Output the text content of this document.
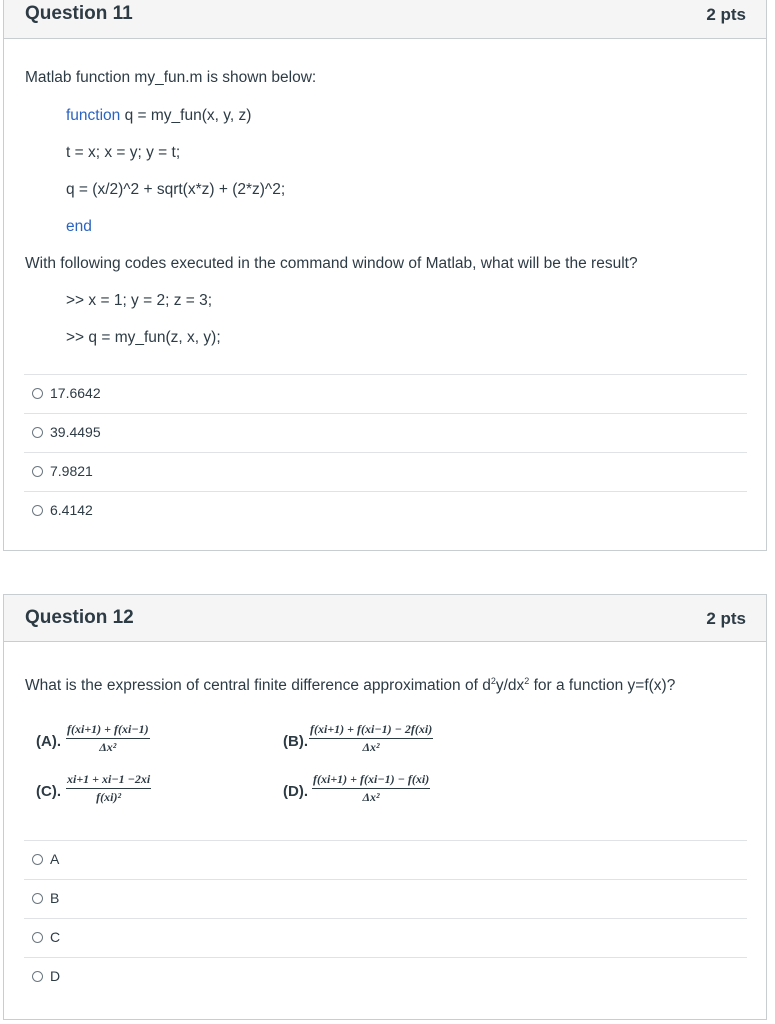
Question 11	2 pts
Matlab function my_fun.m is shown below:
function q = my_fun(x, y, z)
t = x; x = y; y = t;
q = (x/2)^2 + sqrt(x*z) + (2*z)^2;
end
With following codes executed in the command window of Matlab, what will be the result?
>> x = 1; y = 2; z = 3;
>> q = my_fun(z, x, y);
17.6642
39.4495
7.9821
6.4142
Question 12	2 pts
What is the expression of central finite difference approximation of $d^2y/dx^2$ for a function y=f(x)?
(A). $\frac{f(xi+1) + f(xi-1)}{\text{Δx²}}$	(B). $\frac{f(xi+1) + f(xi-1) - 2f(xi)}{\text{Δx²}}$
(C). $\frac{xi+1 + xi-1 -2xi}{\text{f(xi)²}}$	(D). $\frac{f(xi+1) + f(xi-1) - f(xi)}{\text{Δx²}}$
A
B
C
D
